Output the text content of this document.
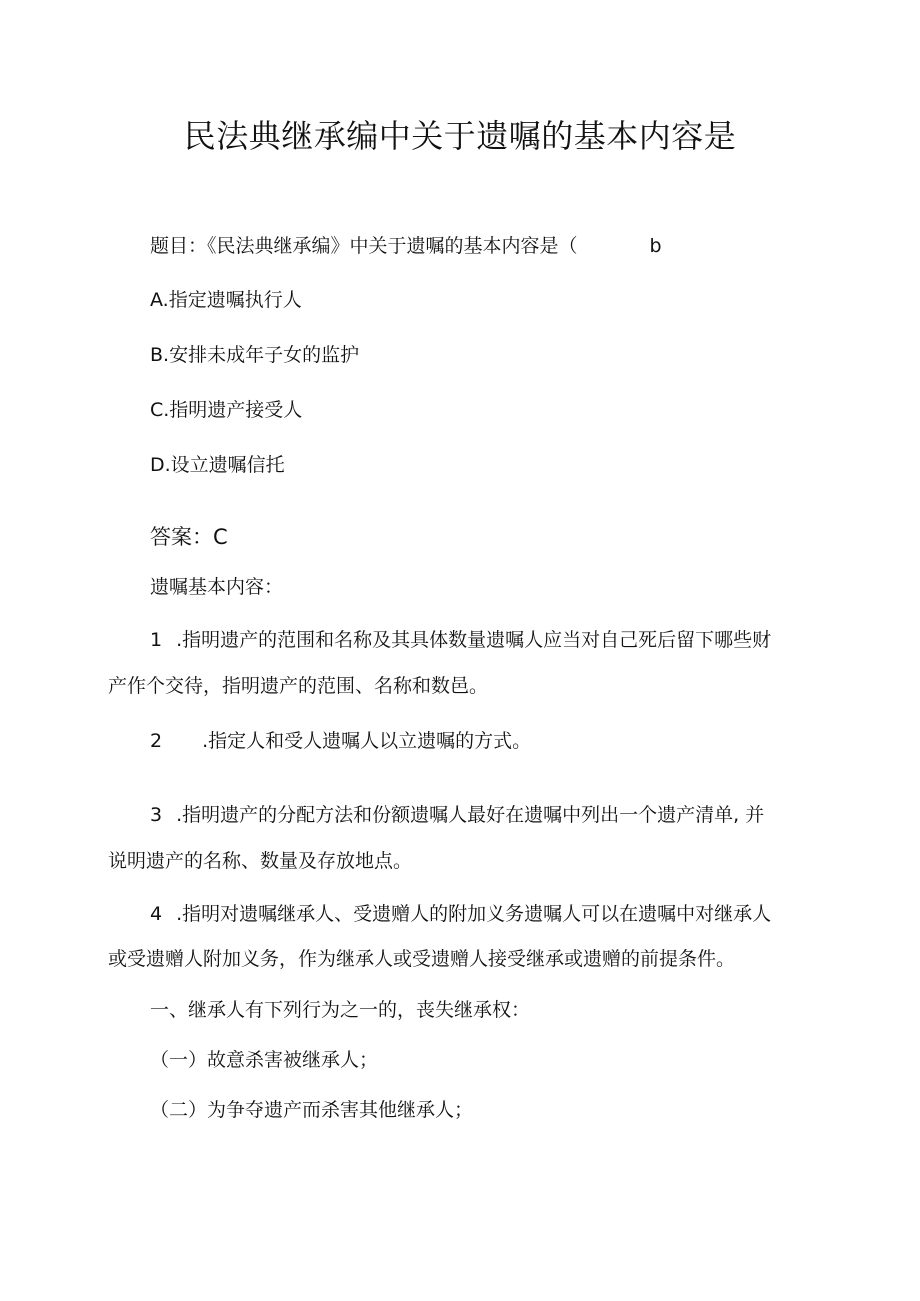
民法典继承编中关于遗嘱的基本内容是
题目：《民法典继承编》中关于遗嘱的基本内容是（	b
A.指定遗嘱执行人
B.安排未成年子女的监护
C.指明遗产接受人
D.设立遗嘱信托
答案：C
遗嘱基本内容：
1 .指明遗产的范围和名称及其具体数量遗嘱人应当对自己死后留下哪些财
产作个交待，指明遗产的范围、名称和数邑。
2 .指定人和受人遗嘱人以立遗嘱的方式。
3 .指明遗产的分配方法和份额遗嘱人最好在遗嘱中列出一个遗产清单, 并
说明遗产的名称、数量及存放地点。
4 .指明对遗嘱继承人、受遗赠人的附加义务遗嘱人可以在遗嘱中对继承人
或受遗赠人附加义务，作为继承人或受遗赠人接受继承或遗赠的前提条件。
一、继承人有下列行为之一的，丧失继承权：
（一）故意杀害被继承人；
（二）为争夺遗产而杀害其他继承人；
